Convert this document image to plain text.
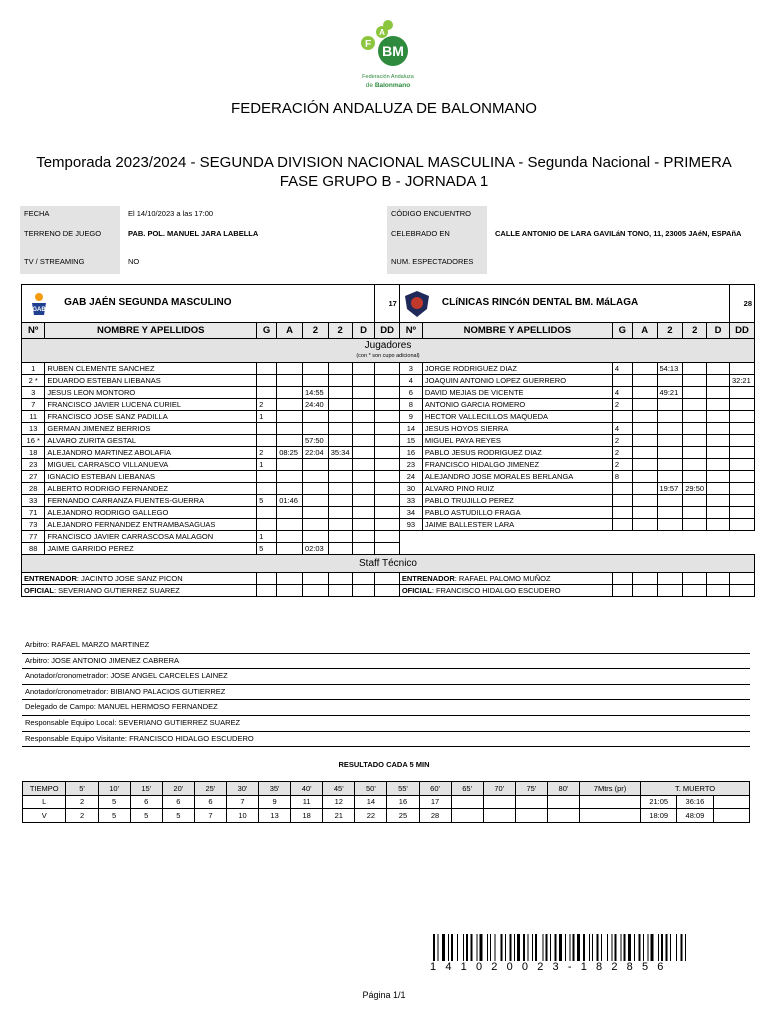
A
F BM
Federación Andaluza
de Balonmano
FEDERACIÓN ANDALUZA DE BALONMANO
Temporada 2023/2024 - SEGUNDA DIVISION NACIONAL MASCULINA - Segunda Nacional - PRIMERA FASE GRUPO B - JORNADA 1
FECHA	El 14/10/2023 a las 17:00	CÓDIGO ENCUENTRO
TERRENO DE JUEGO	PAB. POL. MANUEL JARA LABELLA	CELEBRADO EN	CALLE ANTONIO DE LARA GAVILáN TONO, 11, 23005 JAéN, ESPAñA
TV / STREAMING	NO	NUM. ESPECTADORES
GAB
GAB JAÉN SEGUNDA MASCULINO							17	CLíNICAS RINCóN DENTAL BM. MáLAGA							28
Nº	NOMBRE Y APELLIDOS	G	A	2	2	D	DD	Nº	NOMBRE Y APELLIDOS	G	A	2	2	D	DD
Jugadores
(con * son cupo adicional)															

1	RUBEN CLEMENTE SANCHEZ							3	JORGE RODRIGUEZ DIAZ	4		54:13			
2 *	EDUARDO ESTEBAN LIEBANAS							4	JOAQUIN ANTONIO LOPEZ GUERRERO						32:21
3	JESUS LEON MONTORO			14:55				6	DAVID MEJIAS DE VICENTE	4		49:21			
7	FRANCISCO JAVIER LUCENA CURIEL	2		24:40				8	ANTONIO GARCIA ROMERO	2					
11	FRANCISCO JOSE SANZ PADILLA	1						9	HECTOR VALLECILLOS MAQUEDA						
13	GERMAN JIMENEZ BERRIOS							14	JESUS HOYOS SIERRA	4					
16 *	ALVARO ZURITA GESTAL			57:50				15	MIGUEL PAYA REYES	2					
18	ALEJANDRO MARTINEZ ABOLAFIA	2	08:25	22:04	35:34			16	PABLO JESUS RODRIGUEZ DIAZ	2					
23	MIGUEL CARRASCO VILLANUEVA	1						23	FRANCISCO HIDALGO JIMENEZ	2					
27	IGNACIO ESTEBAN LIEBANAS							24	ALEJANDRO JOSE MORALES BERLANGA	8					
28	ALBERTO RODRIGO FERNANDEZ							30	ALVARO PINO RUIZ			19:57	29:50		
33	FERNANDO CARRANZA FUENTES-GUERRA	5	01:46					33	PABLO TRUJILLO PEREZ						
71	ALEJANDRO RODRIGO GALLEGO							34	PABLO ASTUDILLO FRAGA						
73	ALEJANDRO FERNANDEZ ENTRAMBASAGUAS							93	JAIME BALLESTER LARA						
77	FRANCISCO JAVIER CARRASCOSA MALAGON	1													
88	JAIME GARRIDO PEREZ	5		02:03											
Staff Técnico															
ENTRENADOR: JACINTO JOSE SANZ PICON								ENTRENADOR: RAFAEL PALOMO MUÑOZ							
OFICIAL: SEVERIANO GUTIERREZ SUAREZ								OFICIAL: FRANCISCO HIDALGO ESCUDERO							
Arbitro: RAFAEL MARZO MARTINEZ
Arbitro: JOSE ANTONIO JIMENEZ CABRERA
Anotador/cronometrador: JOSE ANGEL CARCELES LAINEZ
Anotador/cronometrador: BIBIANO PALACIOS GUTIERREZ
Delegado de Campo: MANUEL HERMOSO FERNANDEZ
Responsable Equipo Local: SEVERIANO GUTIERREZ SUAREZ
Responsable Equipo Visitante: FRANCISCO HIDALGO ESCUDERO
RESULTADO CADA 5 MIN
TIEMPO	5'	10'	15'	20'	25'	30'	35'	40'	45'	50'	55'	60'	65'	70'	75'	80'	7Mtrs (pr)	T. MUERTO		
L	2	5	6	6	6	7	9	11	12	14	16	17						21:05	36:16	
V	2	5	5	5	7	10	13	18	21	22	25	28						18:09	48:09	
141020023-182856
Página 1/1
